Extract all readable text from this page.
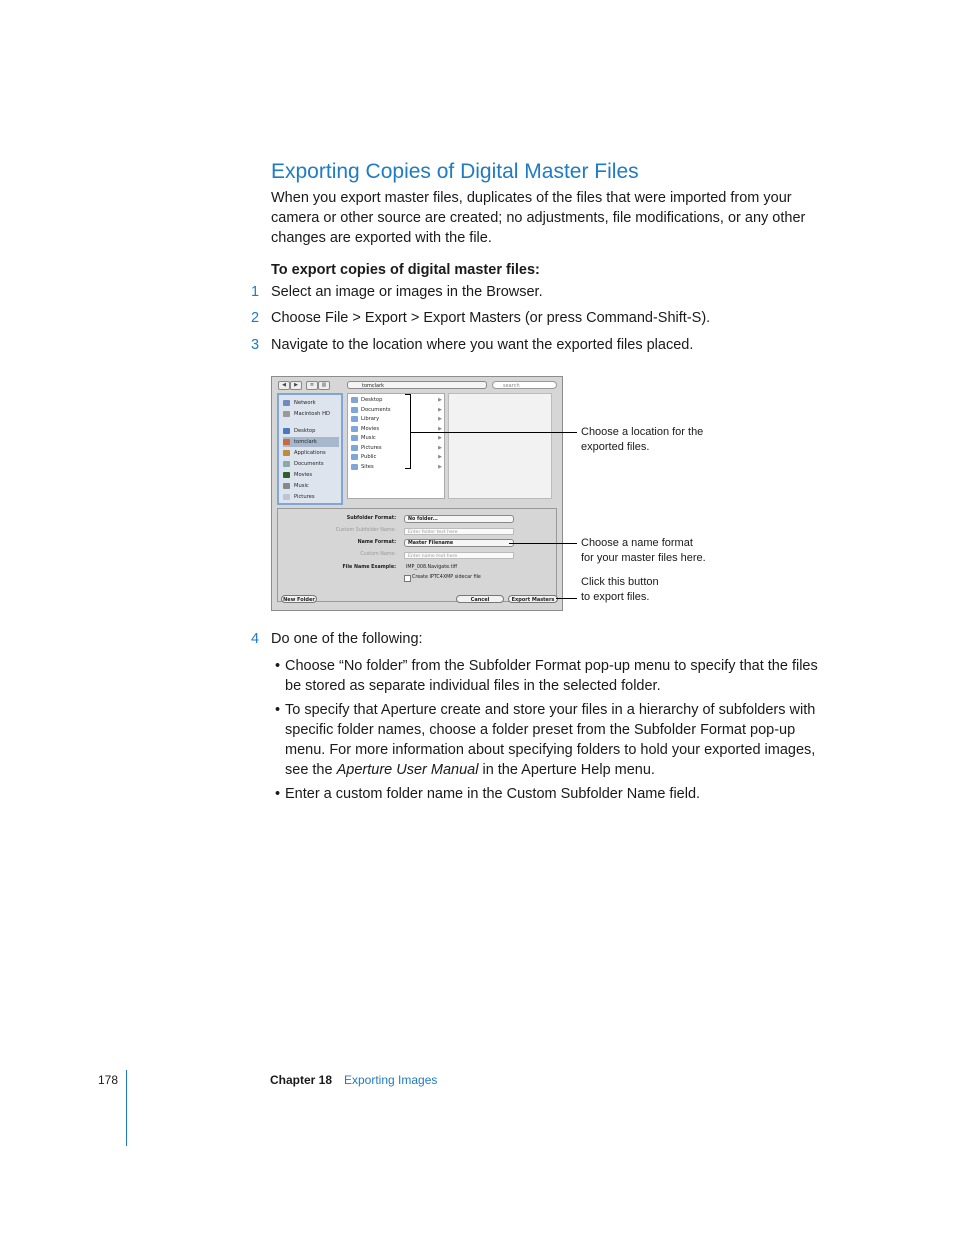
Exporting Copies of Digital Master Files
When you export master files, duplicates of the files that were imported from your camera or other source are created; no adjustments, file modifications, or any other changes are exported with the file.
To export copies of digital master files:
1 Select an image or images in the Browser.
2 Choose File > Export > Export Masters (or press Command-Shift-S).
3 Navigate to the location where you want the exported files placed.
◀	▶	≡	▥	tomclark	search
Network
Macintosh HD
Desktop
tomclark
Applications
Documents
Movies
Music
Pictures
Desktop	▶
Documents	▶
Library	▶
Movies	▶
Music	▶
Pictures	▶
Public	▶
Sites	▶
Subfolder Format:	No folder...
Custom Subfolder Name:	Enter folder text here
Name Format:	Master Filename
Custom Name:	Enter name text here
File Name Example: IMP_008.Navigate.tiff
Create IPTC4XMP sidecar file
New Folder	Cancel	Export Masters
Choose a location for the
exported files.
Choose a name format
for your master files here.
Click this button
to export files.
4 Do one of the following:
• Choose “No folder” from the Subfolder Format pop-up menu to specify that the files be stored as separate individual files in the selected folder.
• To specify that Aperture create and store your files in a hierarchy of subfolders with specific folder names, choose a folder preset from the Subfolder Format pop-up menu. For more information about specifying folders to hold your exported images, see the Aperture User Manual in the Aperture Help menu.
• Enter a custom folder name in the Custom Subfolder Name field.
178	Chapter 18 Exporting Images
